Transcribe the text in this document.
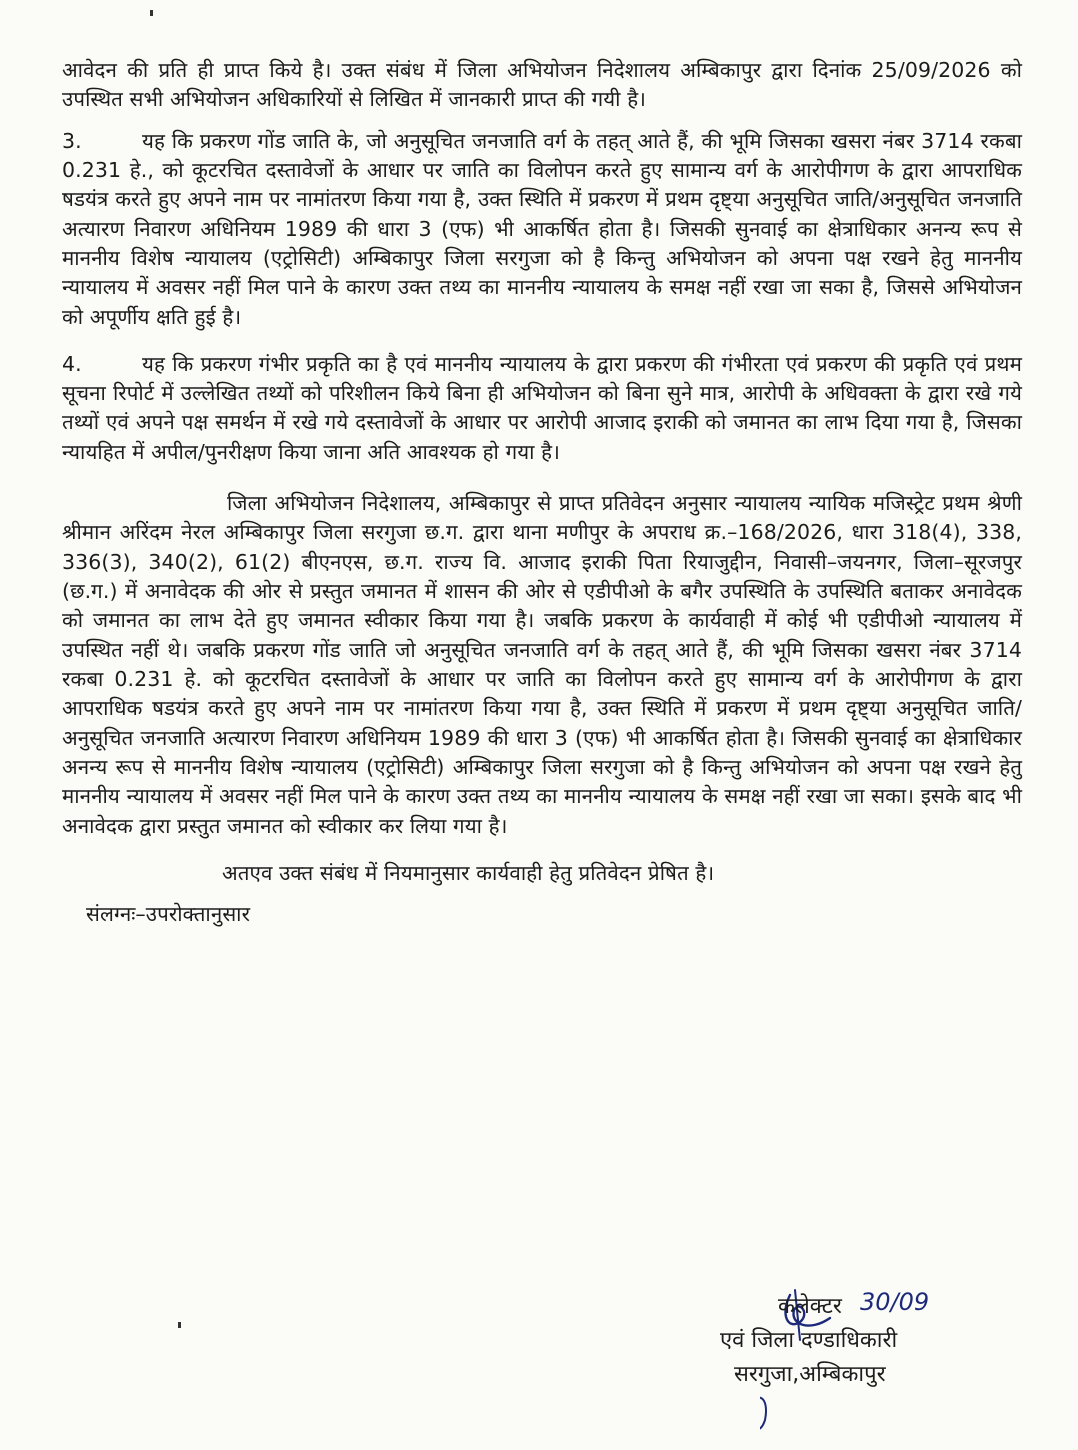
आवेदन की प्रति ही प्राप्त किये है। उक्त संबंध में जिला अभियोजन निदेशालय अम्बिकापुर द्वारा दिनांक 25/09/2026 को उपस्थित सभी अभियोजन अधिकारियों से लिखित में जानकारी प्राप्त की गयी है।

3.	यह कि प्रकरण गोंड जाति के, जो अनुसूचित जनजाति वर्ग के तहत् आते हैं, की भूमि जिसका खसरा नंबर 3714 रकबा 0.231 हे., को कूटरचित दस्तावेजों के आधार पर जाति का विलोपन करते हुए सामान्य वर्ग के आरोपीगण के द्वारा आपराधिक षडयंत्र करते हुए अपने नाम पर नामांतरण किया गया है, उक्त स्थिति में प्रकरण में प्रथम दृष्ट्या अनुसूचित जाति/अनुसूचित जनजाति अत्यारण निवारण अधिनियम 1989 की धारा 3 (एफ) भी आकर्षित होता है। जिसकी सुनवाई का क्षेत्राधिकार अनन्य रूप से माननीय विशेष न्यायालय (एट्रोसिटी) अम्बिकापुर जिला सरगुजा को है किन्तु अभियोजन को अपना पक्ष रखने हेतु माननीय न्यायालय में अवसर नहीं मिल पाने के कारण उक्त तथ्य का माननीय न्यायालय के समक्ष नहीं रखा जा सका है, जिससे अभियोजन को अपूर्णीय क्षति हुई है।

4.	यह कि प्रकरण गंभीर प्रकृति का है एवं माननीय न्यायालय के द्वारा प्रकरण की गंभीरता एवं प्रकरण की प्रकृति एवं प्रथम सूचना रिपोर्ट में उल्लेखित तथ्यों को परिशीलन किये बिना ही अभियोजन को बिना सुने मात्र, आरोपी के अधिवक्ता के द्वारा रखे गये तथ्यों एवं अपने पक्ष समर्थन में रखे गये दस्तावेजों के आधार पर आरोपी आजाद इराकी को जमानत का लाभ दिया गया है, जिसका न्यायहित में अपील/पुनरीक्षण किया जाना अति आवश्यक हो गया है।

जिला अभियोजन निदेशालय, अम्बिकापुर से प्राप्त प्रतिवेदन अनुसार न्यायालय न्यायिक मजिस्ट्रेट प्रथम श्रेणी श्रीमान अरिंदम नेरल अम्बिकापुर जिला सरगुजा छ.ग. द्वारा थाना मणीपुर के अपराध क्र.–168/2026, धारा 318(4), 338, 336(3), 340(2), 61(2) बीएनएस, छ.ग. राज्य वि. आजाद इराकी पिता रियाजुद्दीन, निवासी–जयनगर, जिला–सूरजपुर (छ.ग.) में अनावेदक की ओर से प्रस्तुत जमानत में शासन की ओर से एडीपीओ के बगैर उपस्थिति के उपस्थिति बताकर अनावेदक को जमानत का लाभ देते हुए जमानत स्वीकार किया गया है। जबकि प्रकरण के कार्यवाही में कोई भी एडीपीओ न्यायालय में उपस्थित नहीं थे। जबकि प्रकरण गोंड जाति जो अनुसूचित जनजाति वर्ग के तहत् आते हैं, की भूमि जिसका खसरा नंबर 3714 रकबा 0.231 हे. को कूटरचित दस्तावेजों के आधार पर जाति का विलोपन करते हुए सामान्य वर्ग के आरोपीगण के द्वारा आपराधिक षडयंत्र करते हुए अपने नाम पर नामांतरण किया गया है, उक्त स्थिति में प्रकरण में प्रथम दृष्ट्या अनुसूचित जाति/अनुसूचित जनजाति अत्यारण निवारण अधिनियम 1989 की धारा 3 (एफ) भी आकर्षित होता है। जिसकी सुनवाई का क्षेत्राधिकार अनन्य रूप से माननीय विशेष न्यायालय (एट्रोसिटी) अम्बिकापुर जिला सरगुजा को है किन्तु अभियोजन को अपना पक्ष रखने हेतु माननीय न्यायालय में अवसर नहीं मिल पाने के कारण उक्त तथ्य का माननीय न्यायालय के समक्ष नहीं रखा जा सका। इसके बाद भी अनावेदक द्वारा प्रस्तुत जमानत को स्वीकार कर लिया गया है।

अतएव उक्त संबंध में नियमानुसार कार्यवाही हेतु प्रतिवेदन प्रेषित है।

संलग्नः–उपरोक्तानुसार

30/09
कलेक्टर
एवं जिला दण्डाधिकारी
सरगुजा,अम्बिकापुर
